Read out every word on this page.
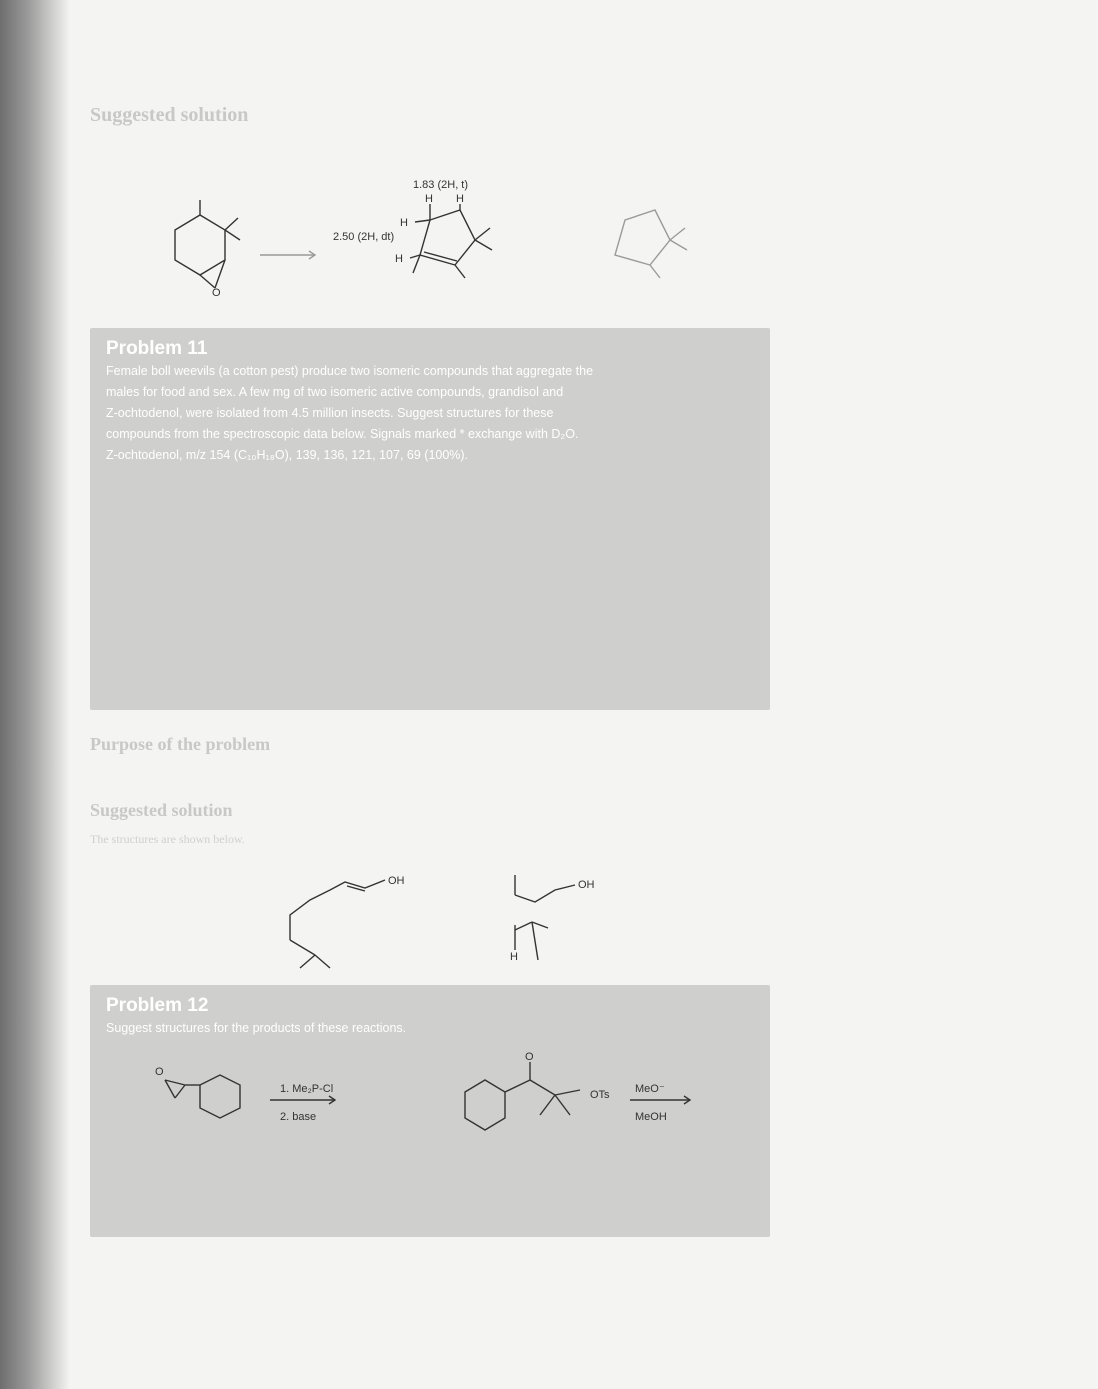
Suggested solution
O
1.83 (2H, t)
2.50 (2H, dt)
H H
H
H
Problem 11

Female boll weevils (a cotton pest) produce two isomeric compounds that aggregate the

males for food and sex. A few mg of two isomeric active compounds, grandisol and

Z-ochtodenol, were isolated from 4.5 million insects. Suggest structures for these

compounds from the spectroscopic data below. Signals marked * exchange with D₂O.

Z-ochtodenol, m/z 154 (C₁₀H₁₈O), 139, 136, 121, 107, 69 (100%).

Purpose of the problem
Suggested solution
The structures are shown below.
OH	OH
H
Problem 12

Suggest structures for the products of these reactions.

O
1. Me₂P-Cl
2. base
O
OTs MeO⁻
MeOH
